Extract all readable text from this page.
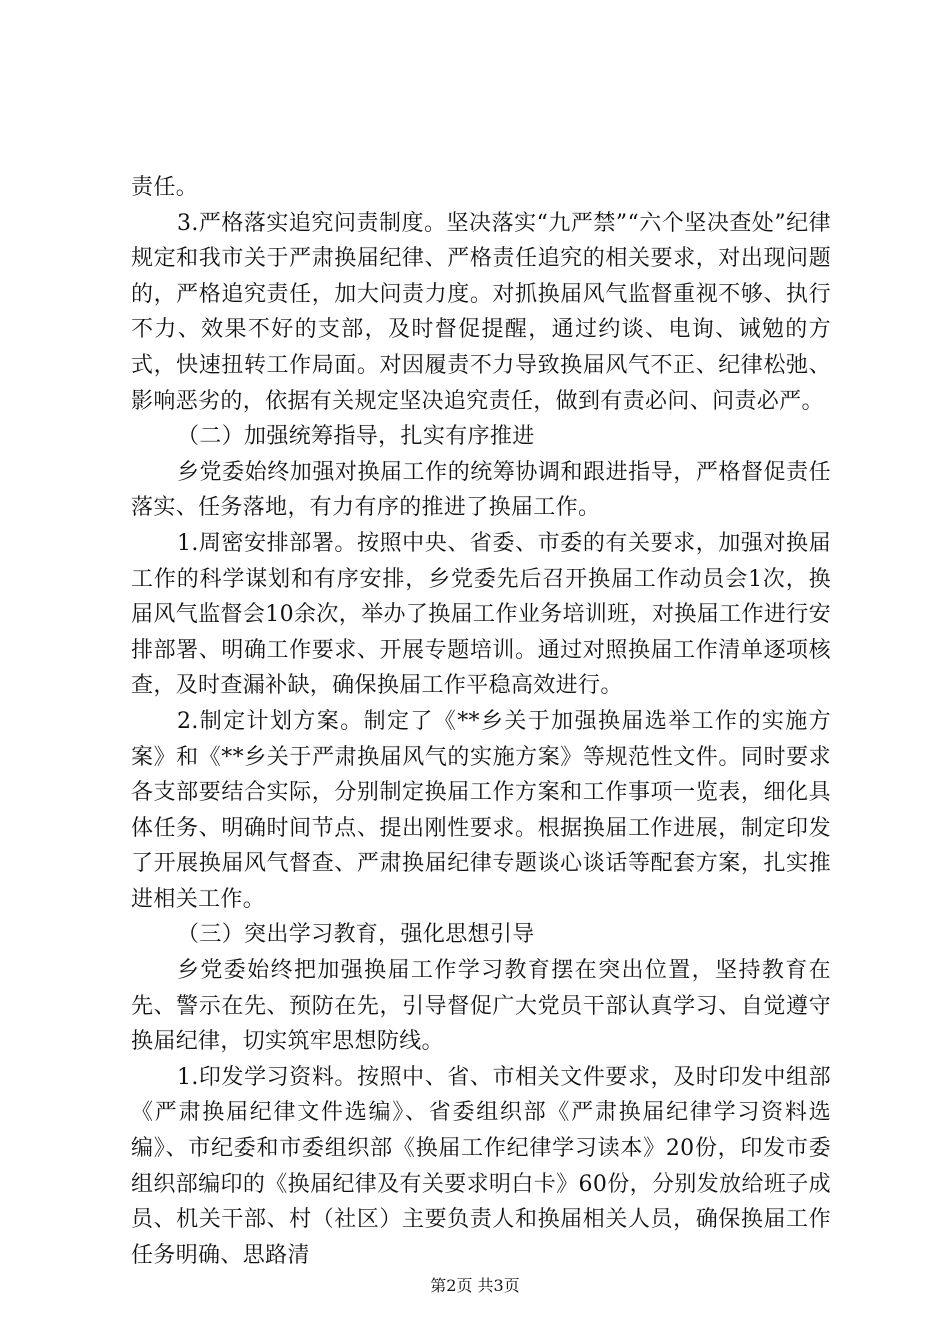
责任。

3.严格落实追究问责制度。坚决落实“九严禁”“六个坚决查处”纪律规定和我市关于严肃换届纪律、严格责任追究的相关要求，对出现问题的，严格追究责任，加大问责力度。对抓换届风气监督重视不够、执行不力、效果不好的支部，及时督促提醒，通过约谈、电询、诫勉的方式，快速扭转工作局面。对因履责不力导致换届风气不正、纪律松弛、影响恶劣的，依据有关规定坚决追究责任，做到有责必问、问责必严。

（二）加强统筹指导，扎实有序推进

乡党委始终加强对换届工作的统筹协调和跟进指导，严格督促责任落实、任务落地，有力有序的推进了换届工作。

1.周密安排部署。按照中央、省委、市委的有关要求，加强对换届工作的科学谋划和有序安排，乡党委先后召开换届工作动员会1次，换届风气监督会10余次，举办了换届工作业务培训班，对换届工作进行安排部署、明确工作要求、开展专题培训。通过对照换届工作清单逐项核查，及时查漏补缺，确保换届工作平稳高效进行。

2.制定计划方案。制定了《**乡关于加强换届选举工作的实施方案》和《**乡关于严肃换届风气的实施方案》等规范性文件。同时要求各支部要结合实际，分别制定换届工作方案和工作事项一览表，细化具体任务、明确时间节点、提出刚性要求。根据换届工作进展，制定印发了开展换届风气督查、严肃换届纪律专题谈心谈话等配套方案，扎实推进相关工作。

（三）突出学习教育，强化思想引导

乡党委始终把加强换届工作学习教育摆在突出位置，坚持教育在先、警示在先、预防在先，引导督促广大党员干部认真学习、自觉遵守换届纪律，切实筑牢思想防线。

1.印发学习资料。按照中、省、市相关文件要求，及时印发中组部《严肃换届纪律文件选编》、省委组织部《严肃换届纪律学习资料选编》、市纪委和市委组织部《换届工作纪律学习读本》20份，印发市委组织部编印的《换届纪律及有关要求明白卡》60份，分别发放给班子成员、机关干部、村（社区）主要负责人和换届相关人员，确保换届工作任务明确、思路清

第2页 共3页
